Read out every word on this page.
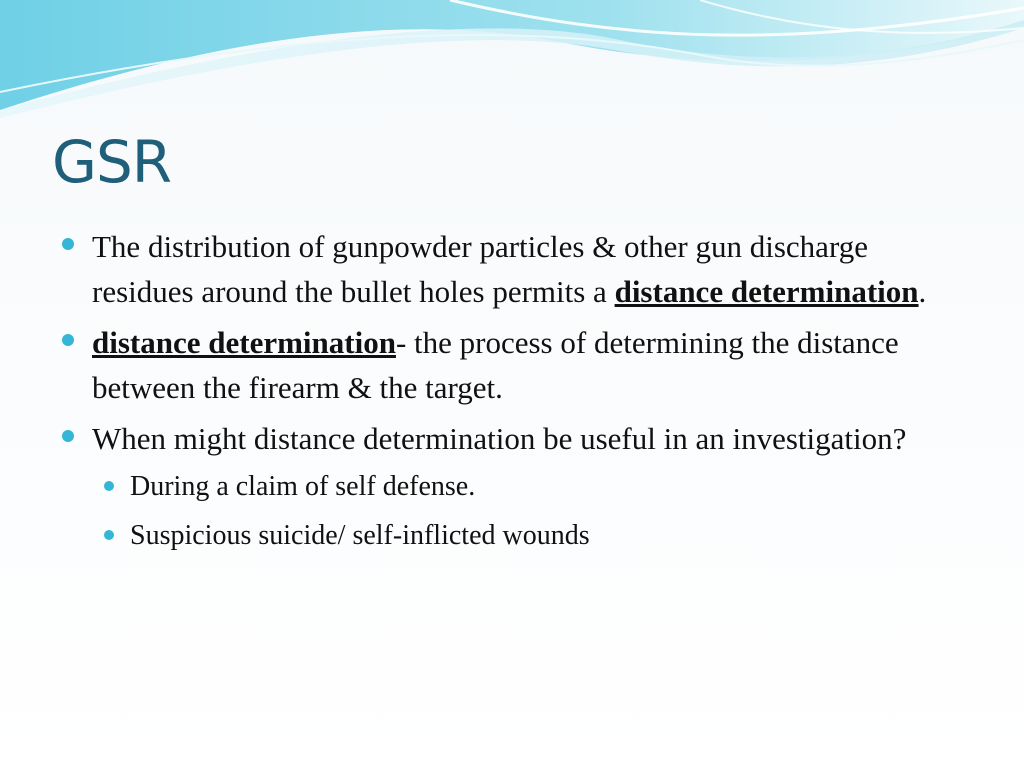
GSR
The distribution of gunpowder particles & other gun discharge residues around the bullet holes permits a distance determination.
distance determination- the process of determining the distance between the firearm & the target.
When might distance determination be useful in an investigation?
During a claim of self defense.
Suspicious suicide/ self-inflicted wounds
